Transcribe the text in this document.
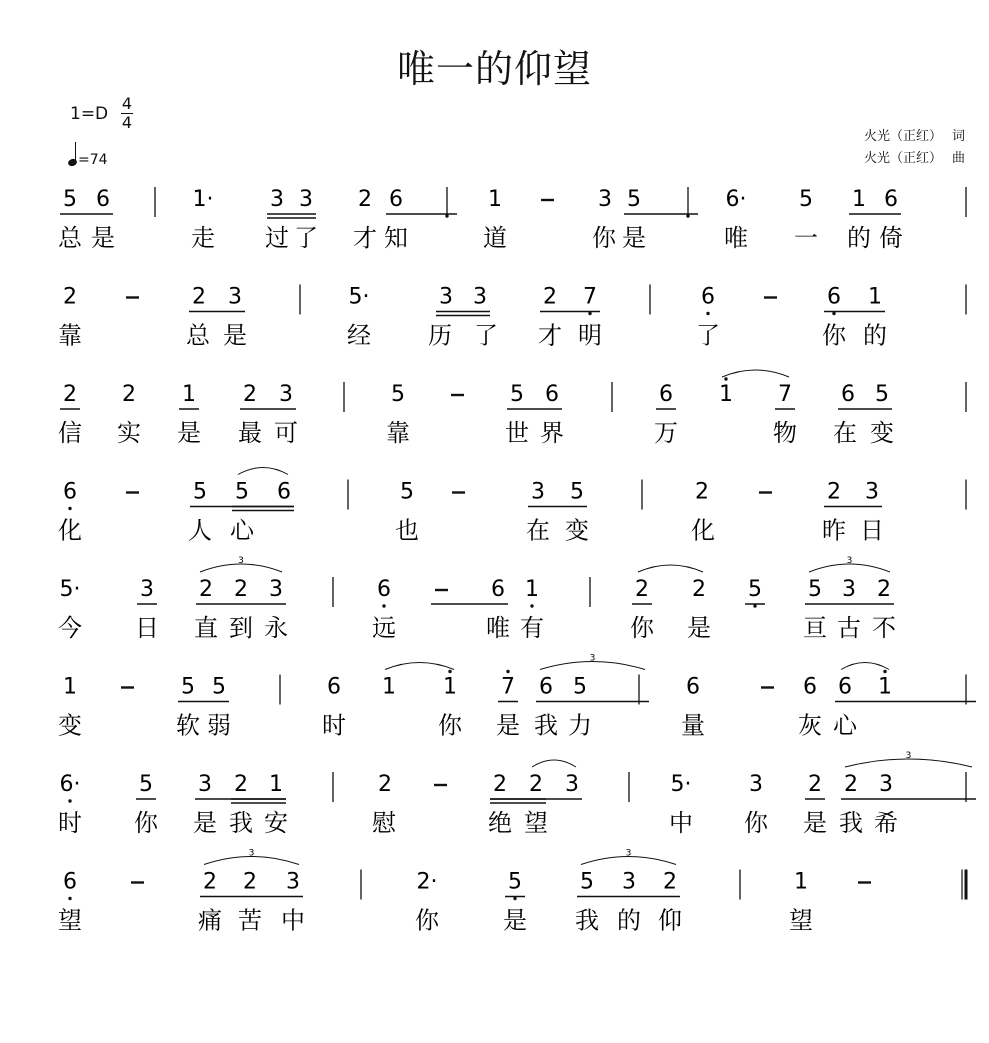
唯一的仰望
1=D
4
4
=74
火光（正红） 词
火光（正红） 曲
5 6	1·	3 3 2 6	1	3 5	6· 5 1 6
总 是	走 过 了 才 知	道	你 是	唯 一 的 倚
2	2 3	5·	3 3	2 7	6	6 1
靠	总 是	经 历 了 才 明	了	你 的
2 2 1 2 3	5	5 6	6 1 7 6 5
信 实 是 最 可	靠	世 界	万	物 在 变
6	5 5 6	5	3 5	2	2 3
化	人 心	也	在 变	化	昨 日
5·	3 2 2 3	6	6 1	2 2 5 5 3 2
今 日 直 到 永	远	唯 有	你 是	亘 古 不
1	5 5	6 1 1 7 6 5	6	6 6 1
变	软 弱	时	你 是 我 力	量	灰 心
6·	5 3 2 1	2	2 2 3	5·	3 2 2 3
时 你 是 我 安	慰	绝 望	中 你 是 我 希
6	2 2 3	2·	5	5 3 2	1
望	痛 苦 中	你	是 我 的 仰	望
3	3
3
3
3	3
